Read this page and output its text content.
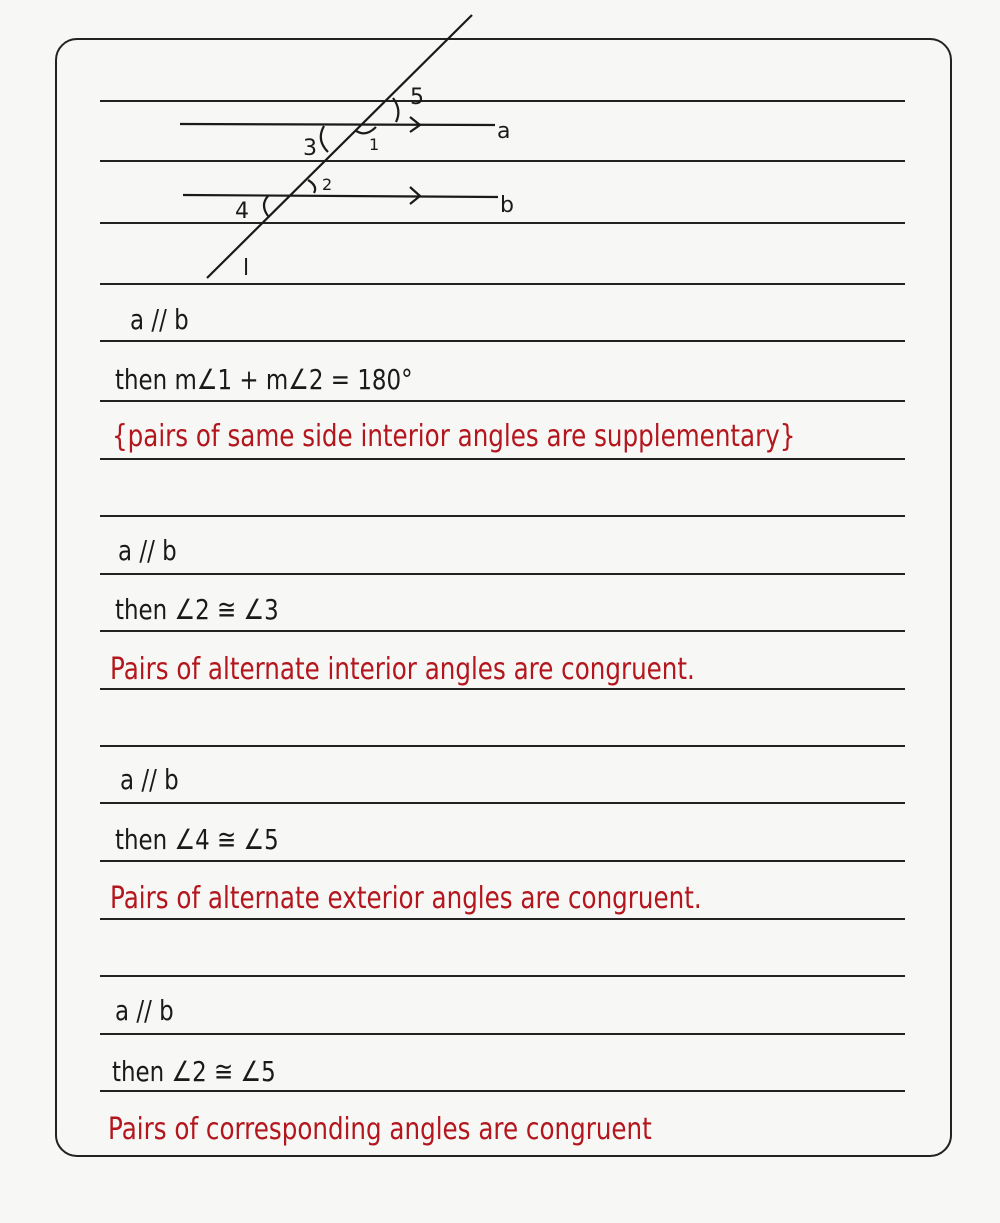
a
b
l
1
2
3
4
5
a // b
then m∠1 + m∠2 = 180°
{pairs of same side interior angles are supplementary}
a // b
then ∠2 ≅ ∠3
Pairs of alternate interior angles are congruent.
a // b
then ∠4 ≅ ∠5
Pairs of alternate exterior angles are congruent.
a // b
then ∠2 ≅ ∠5
Pairs of corresponding angles are congruent
